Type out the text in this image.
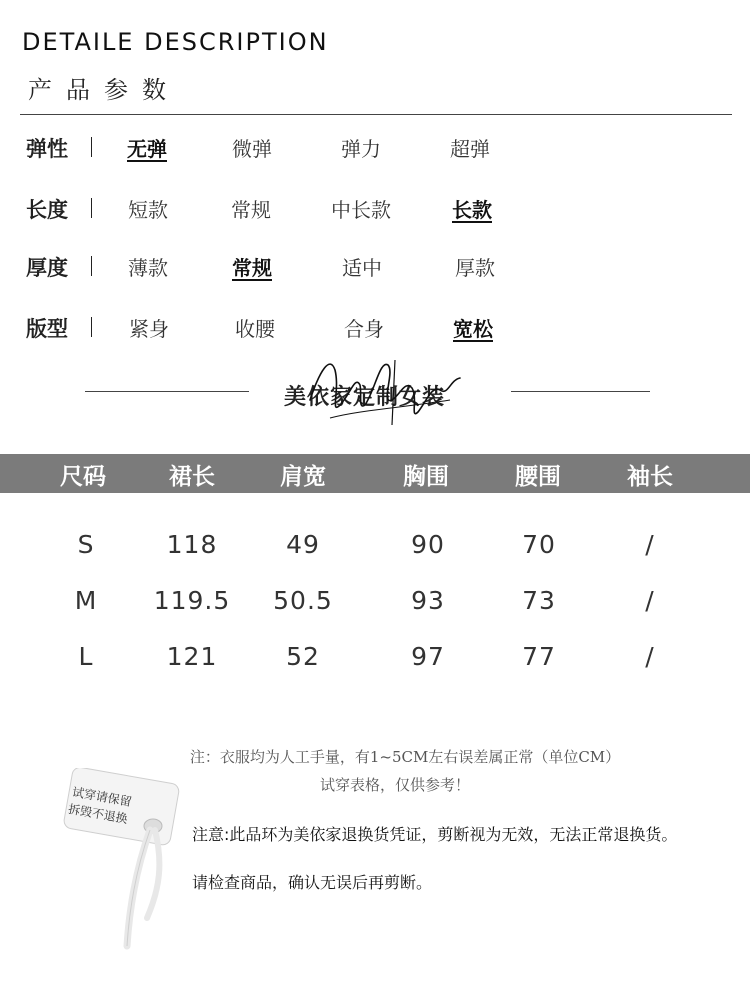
DETAILE DESCRIPTION
产品参数
弹性	无弹	微弹	弹力	超弹
长度	短款	常规	中长款	长款
厚度	薄款	常规	适中	厚款
版型	紧身	收腰	合身	宽松
美依家定制女装
尺码	裙长	肩宽	胸围	腰围	袖长
S	118	49	90	70	/
M	119.5	50.5	93	73	/
L	121	52	97	77	/
注：衣服均为人工手量，有1~5CM左右误差属正常（单位CM）
试穿表格，仅供参考！
试穿请保留
拆毁不退换
注意:此品环为美依家退换货凭证，剪断视为无效，无法正常退换货。
请检查商品，确认无误后再剪断。
